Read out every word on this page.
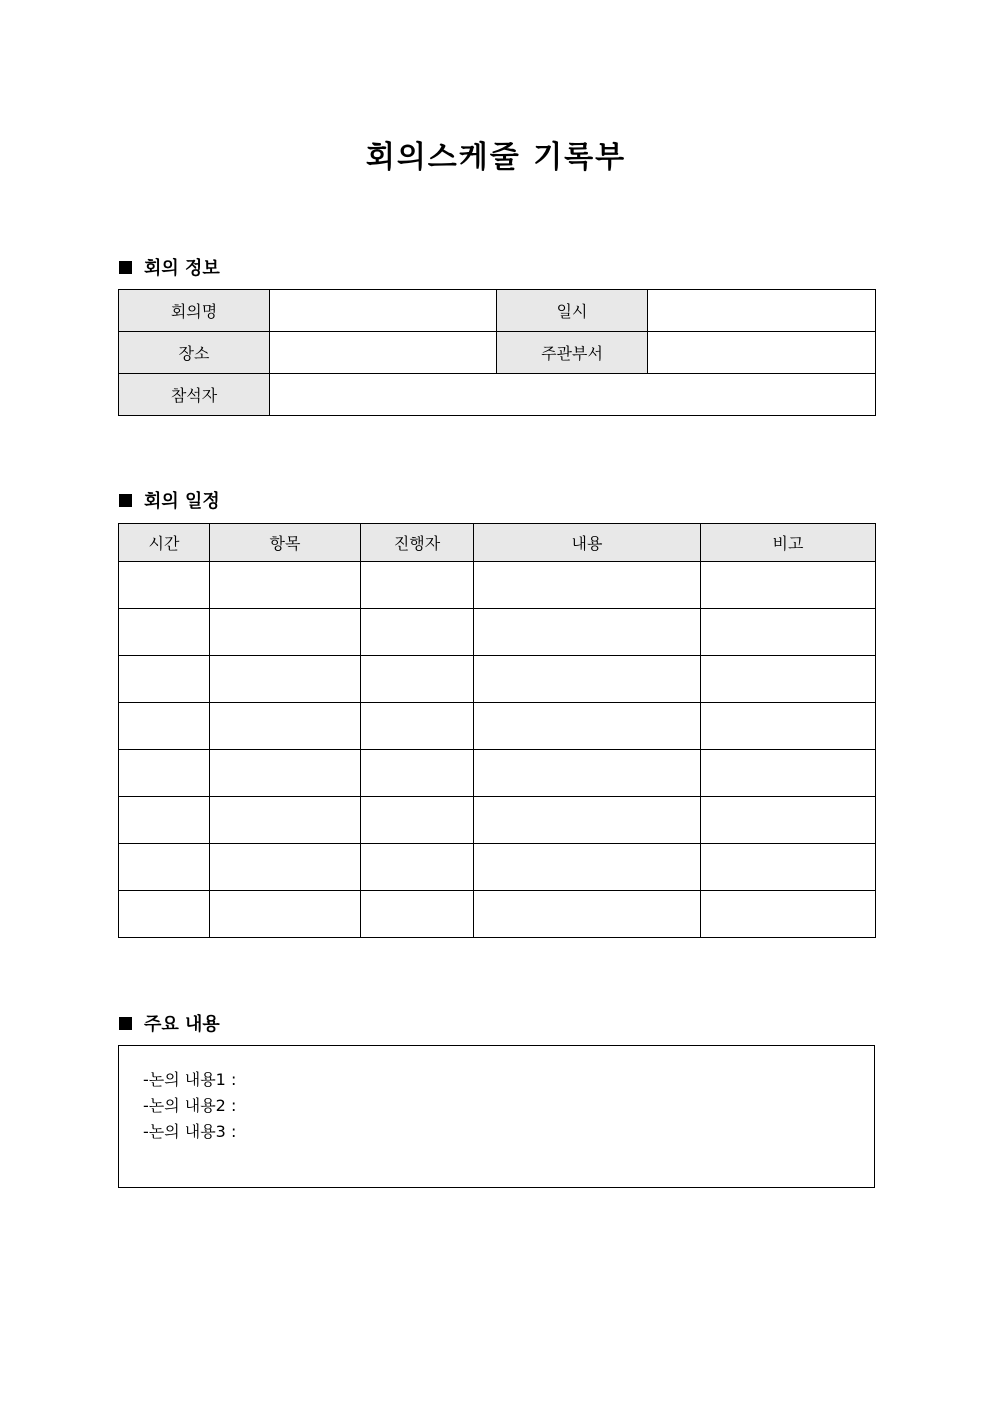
회의스케줄 기록부
회의 정보
회의명		일시	
장소		주관부서	
참석자			
회의 일정
시간	항목	진행자	내용	비고

주요 내용
-논의 내용1 :
-논의 내용2 :
-논의 내용3 :
